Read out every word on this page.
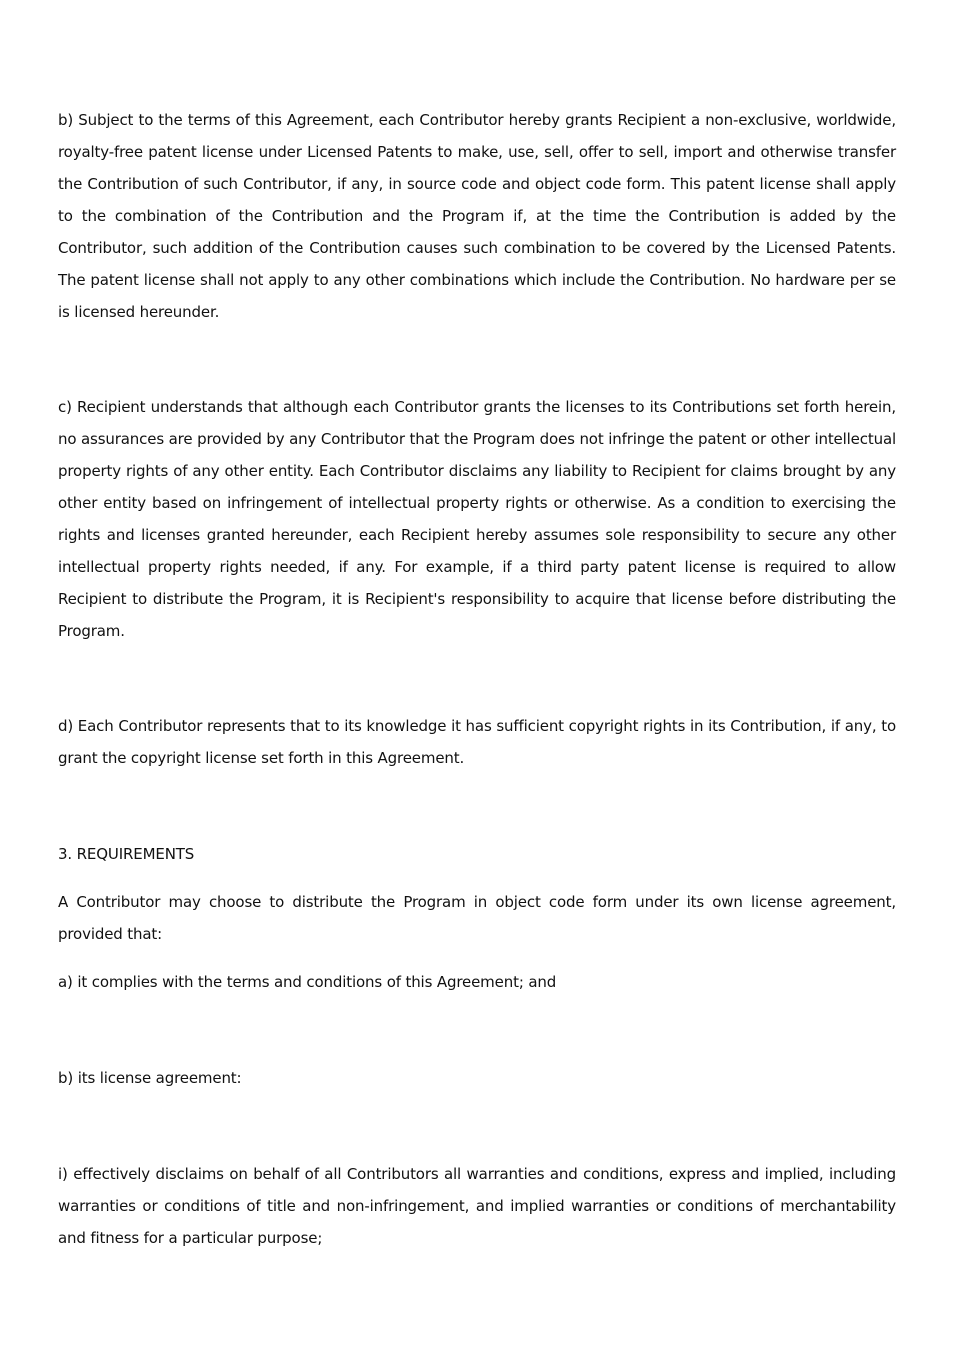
b) Subject to the terms of this Agreement, each Contributor hereby grants Recipient a non-exclusive, worldwide, royalty-free patent license under Licensed Patents to make, use, sell, offer to sell, import and otherwise transfer the Contribution of such Contributor, if any, in source code and object code form. This patent license shall apply to the combination of the Contribution and the Program if, at the time the Contribution is added by the Contributor, such addition of the Contribution causes such combination to be covered by the Licensed Patents. The patent license shall not apply to any other combinations which include the Contribution. No hardware per se is licensed hereunder.

c) Recipient understands that although each Contributor grants the licenses to its Contributions set forth herein, no assurances are provided by any Contributor that the Program does not infringe the patent or other intellectual property rights of any other entity. Each Contributor disclaims any liability to Recipient for claims brought by any other entity based on infringement of intellectual property rights or otherwise. As a condition to exercising the rights and licenses granted hereunder, each Recipient hereby assumes sole responsibility to secure any other intellectual property rights needed, if any. For example, if a third party patent license is required to allow Recipient to distribute the Program, it is Recipient's responsibility to acquire that license before distributing the Program.

d) Each Contributor represents that to its knowledge it has sufficient copyright rights in its Contribution, if any, to grant the copyright license set forth in this Agreement.

3. REQUIREMENTS

A Contributor may choose to distribute the Program in object code form under its own license agreement, provided that:

a) it complies with the terms and conditions of this Agreement; and

b) its license agreement:

i) effectively disclaims on behalf of all Contributors all warranties and conditions, express and implied, including warranties or conditions of title and non-infringement, and implied warranties or conditions of merchantability and fitness for a particular purpose;
